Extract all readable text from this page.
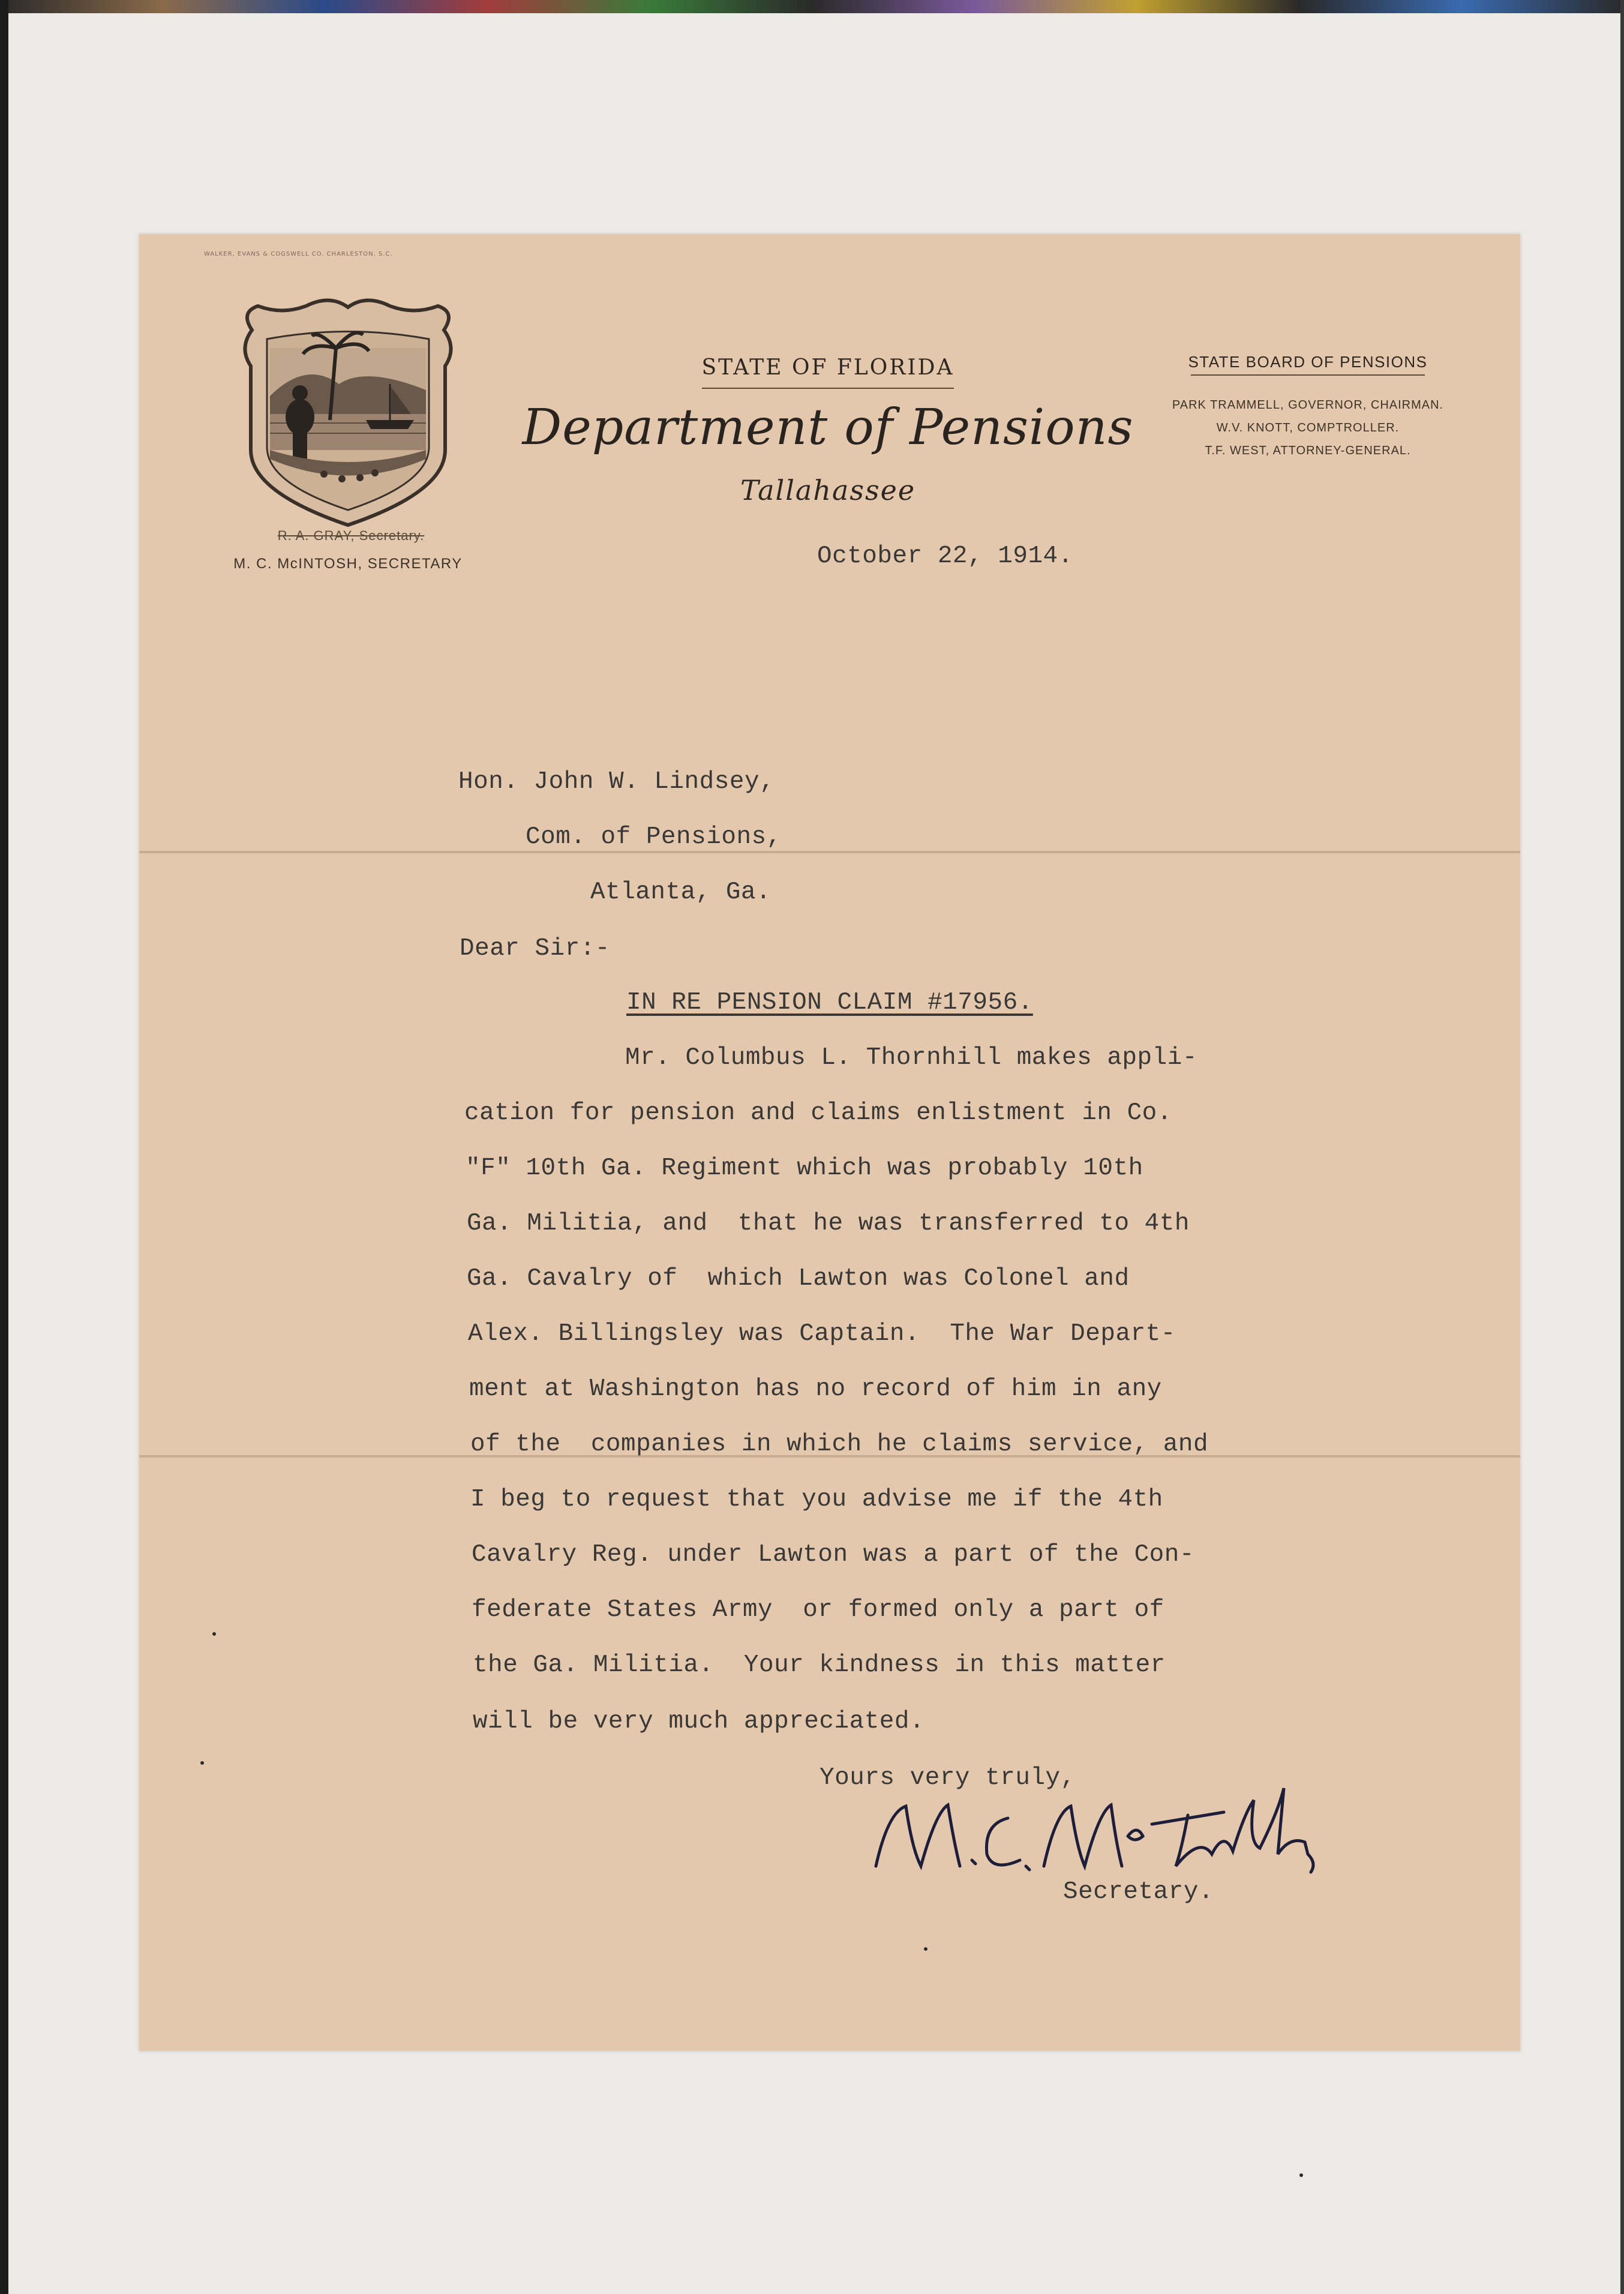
WALKER, EVANS & COGSWELL CO. CHARLESTON, S.C.
R. A. GRAY, Secretary.
M. C. McINTOSH, SECRETARY
STATE OF FLORIDA
Department of Pensions
Tallahassee
STATE BOARD OF PENSIONS
PARK TRAMMELL, GOVERNOR, CHAIRMAN.
W.V. KNOTT, COMPTROLLER.
T.F. WEST, ATTORNEY-GENERAL.
October 22, 1914.
Hon. John W. Lindsey,
Com. of Pensions,
Atlanta, Ga.
Dear Sir:-
IN RE PENSION CLAIM #17956.
Mr. Columbus L. Thornhill makes appli-
cation for pension and claims enlistment in Co.
"F" 10th Ga. Regiment which was probably 10th
Ga. Militia, and  that he was transferred to 4th
Ga. Cavalry of  which Lawton was Colonel and
Alex. Billingsley was Captain.  The War Depart-
ment at Washington has no record of him in any
of the  companies in which he claims service, and
I beg to request that you advise me if the 4th
Cavalry Reg. under Lawton was a part of the Con-
federate States Army  or formed only a part of
the Ga. Militia.  Your kindness in this matter
will be very much appreciated.
Yours very truly,
Secretary.
